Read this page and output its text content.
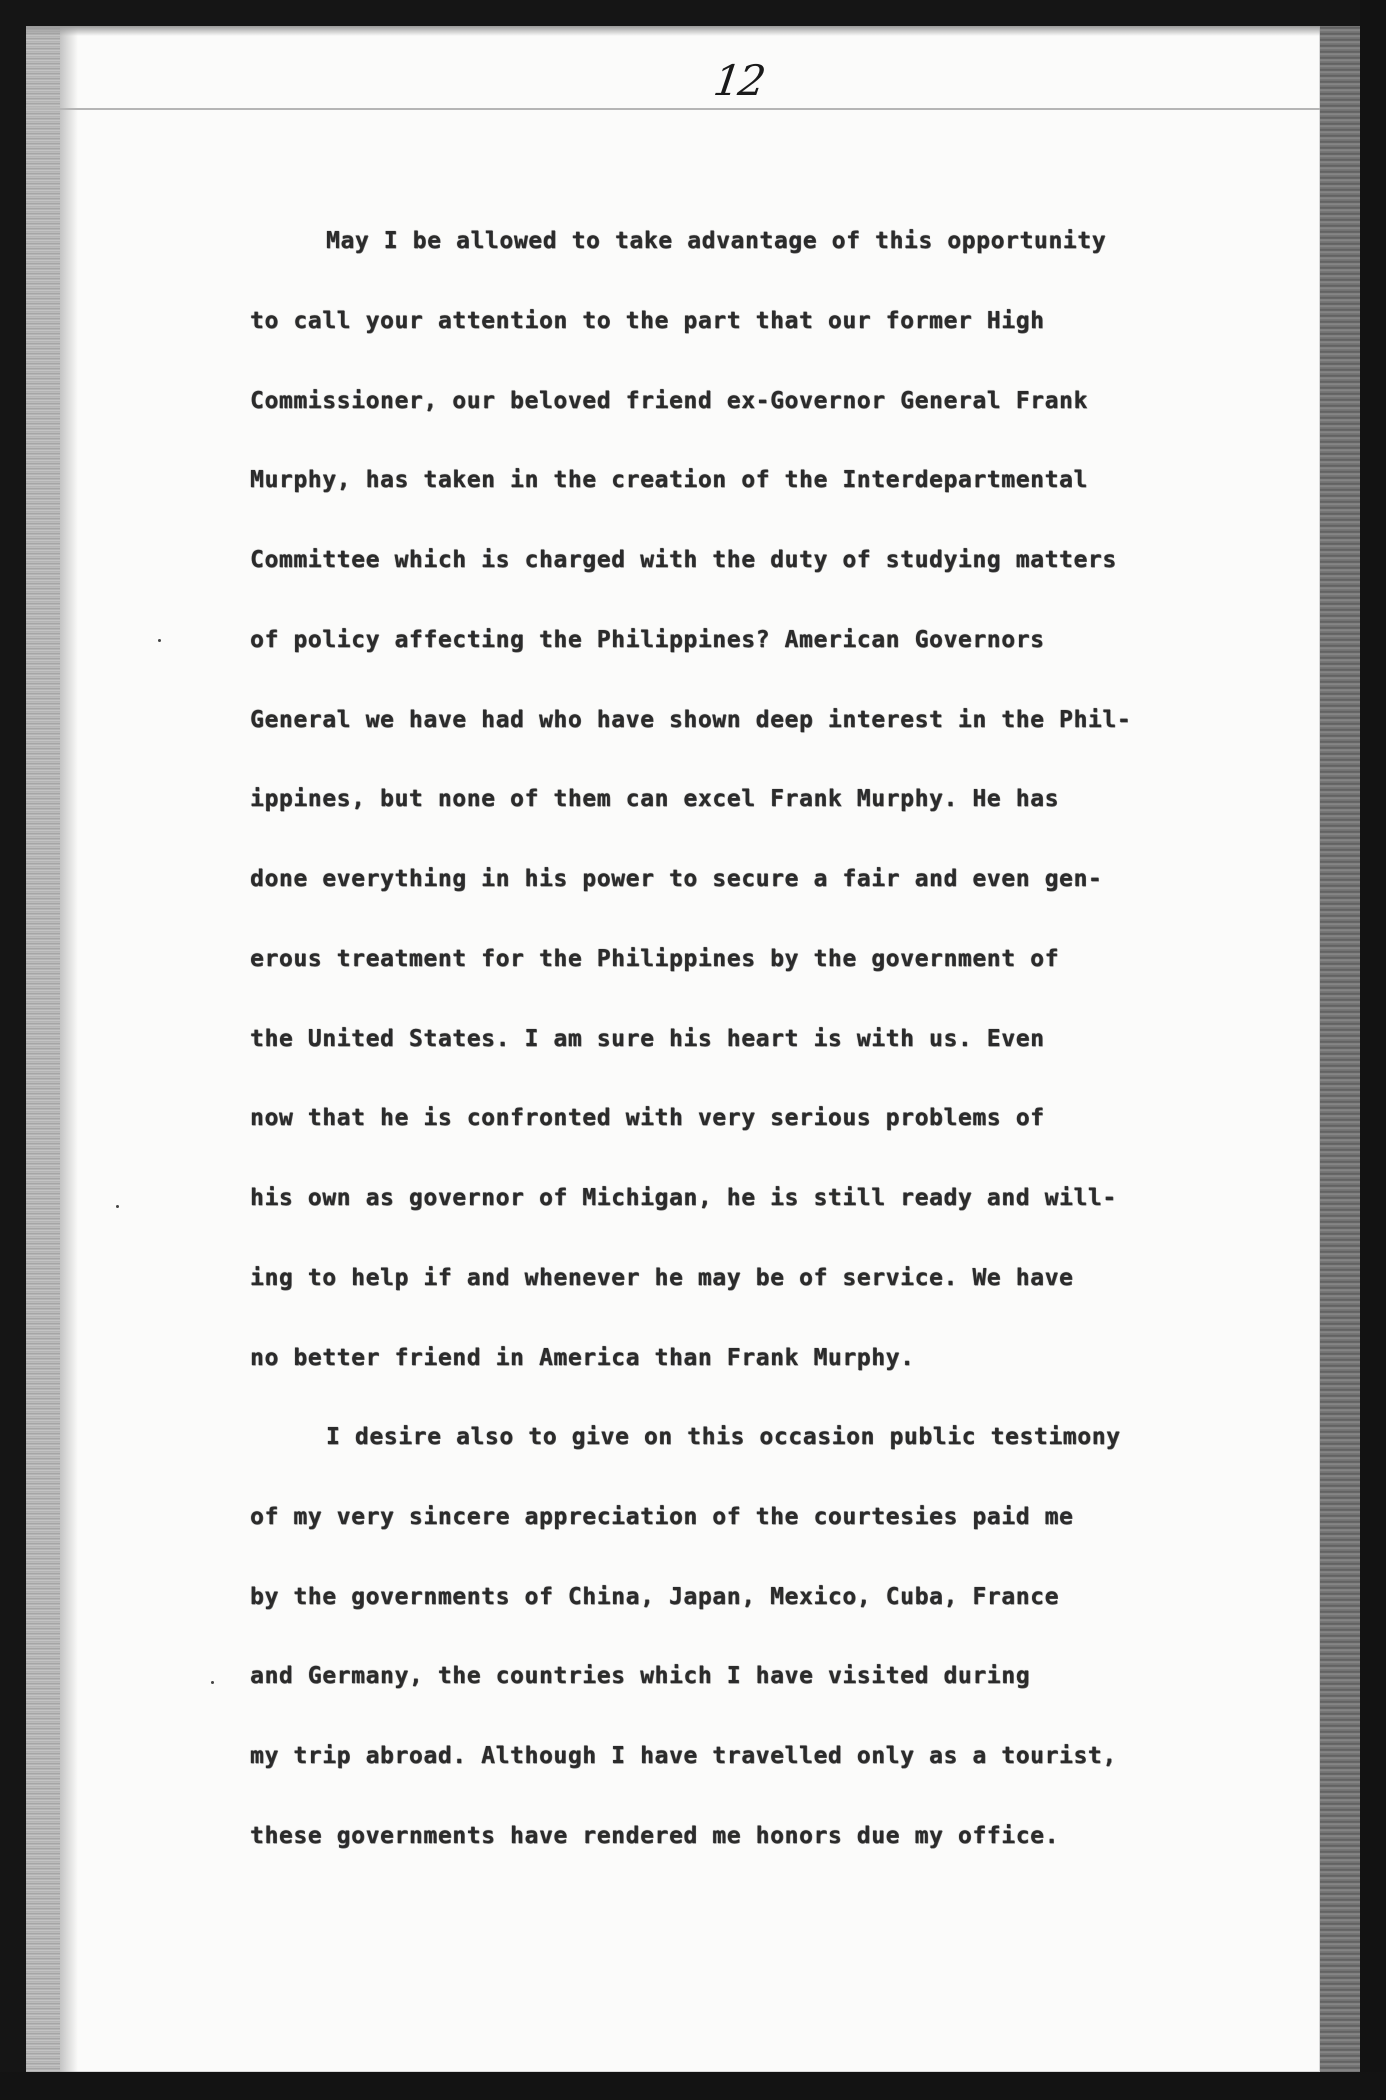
12
May I be allowed to take advantage of this opportunity
to call your attention to the part that our former High
Commissioner, our beloved friend ex-Governor General Frank
Murphy, has taken in the creation of the Interdepartmental
Committee which is charged with the duty of studying matters
of policy affecting the Philippines? American Governors
General we have had who have shown deep interest in the Phil-
ippines, but none of them can excel Frank Murphy. He has
done everything in his power to secure a fair and even gen-
erous treatment for the Philippines by the government of
the United States. I am sure his heart is with us. Even
now that he is confronted with very serious problems of
his own as governor of Michigan, he is still ready and will-
ing to help if and whenever he may be of service. We have
no better friend in America than Frank Murphy.
I desire also to give on this occasion public testimony
of my very sincere appreciation of the courtesies paid me
by the governments of China, Japan, Mexico, Cuba, France
and Germany, the countries which I have visited during
my trip abroad. Although I have travelled only as a tourist,
these governments have rendered me honors due my office.
